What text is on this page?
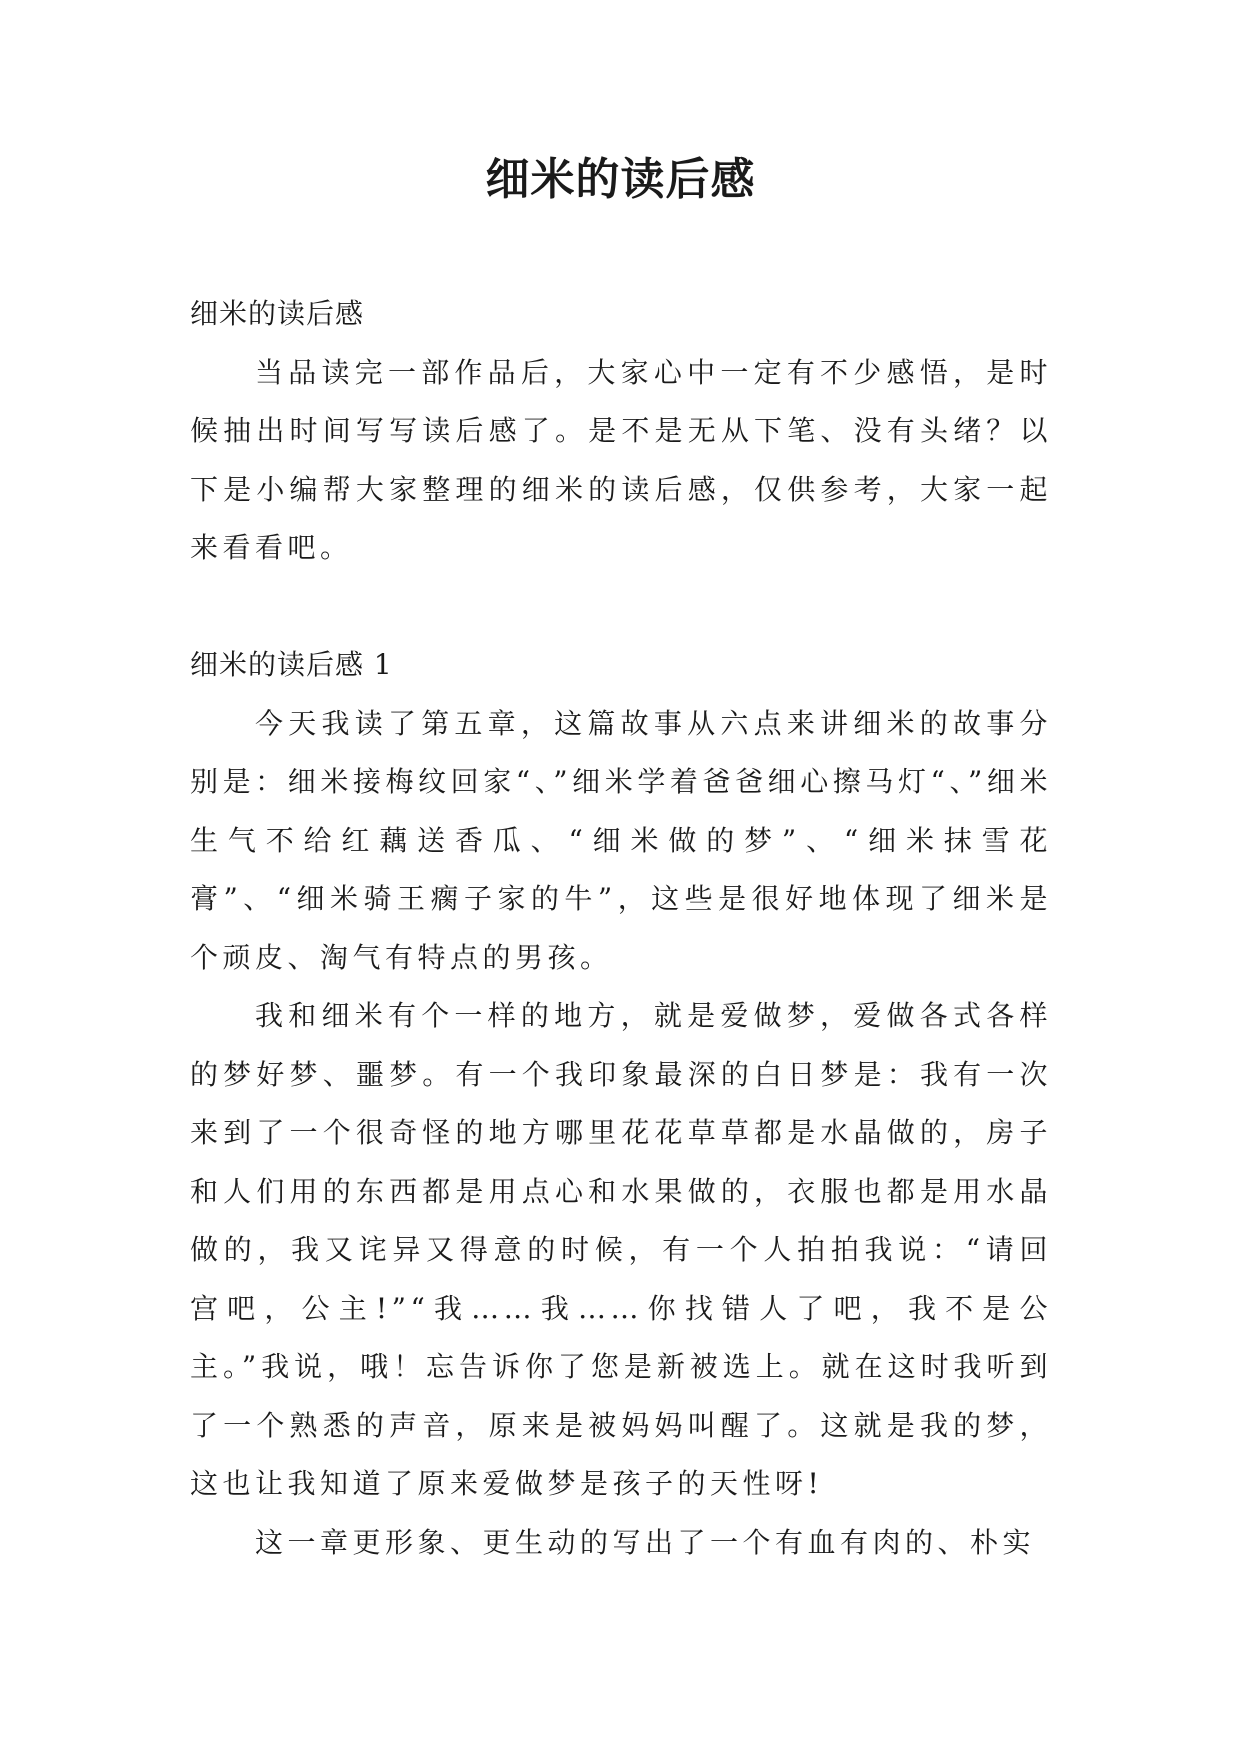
细米的读后感

细米的读后感

当品读完一部作品后，大家心中一定有不少感悟，是时候抽出时间写写读后感了。是不是无从下笔、没有头绪？以下是小编帮大家整理的细米的读后感，仅供参考，大家一起来看看吧。

细米的读后感 1

今天我读了第五章，这篇故事从六点来讲细米的故事分别是：细米接梅纹回家“、”细米学着爸爸细心擦马灯“、”细米生气不给红藕送香瓜、“细米做的梦”、“细米抹雪花膏”、“细米骑王瘸子家的牛”，这些是很好地体现了细米是个顽皮、淘气有特点的男孩。

我和细米有个一样的地方，就是爱做梦，爱做各式各样的梦好梦、噩梦。有一个我印象最深的白日梦是：我有一次来到了一个很奇怪的地方哪里花花草草都是水晶做的，房子和人们用的东西都是用点心和水果做的，衣服也都是用水晶做的，我又诧异又得意的时候，有一个人拍拍我说：“请回宫吧，公主!”“我……我……你找错人了吧，我不是公主。”我说，哦！忘告诉你了您是新被选上。就在这时我听到了一个熟悉的声音，原来是被妈妈叫醒了。这就是我的梦，这也让我知道了原来爱做梦是孩子的天性呀!

这一章更形象、更生动的写出了一个有血有肉的、朴实
